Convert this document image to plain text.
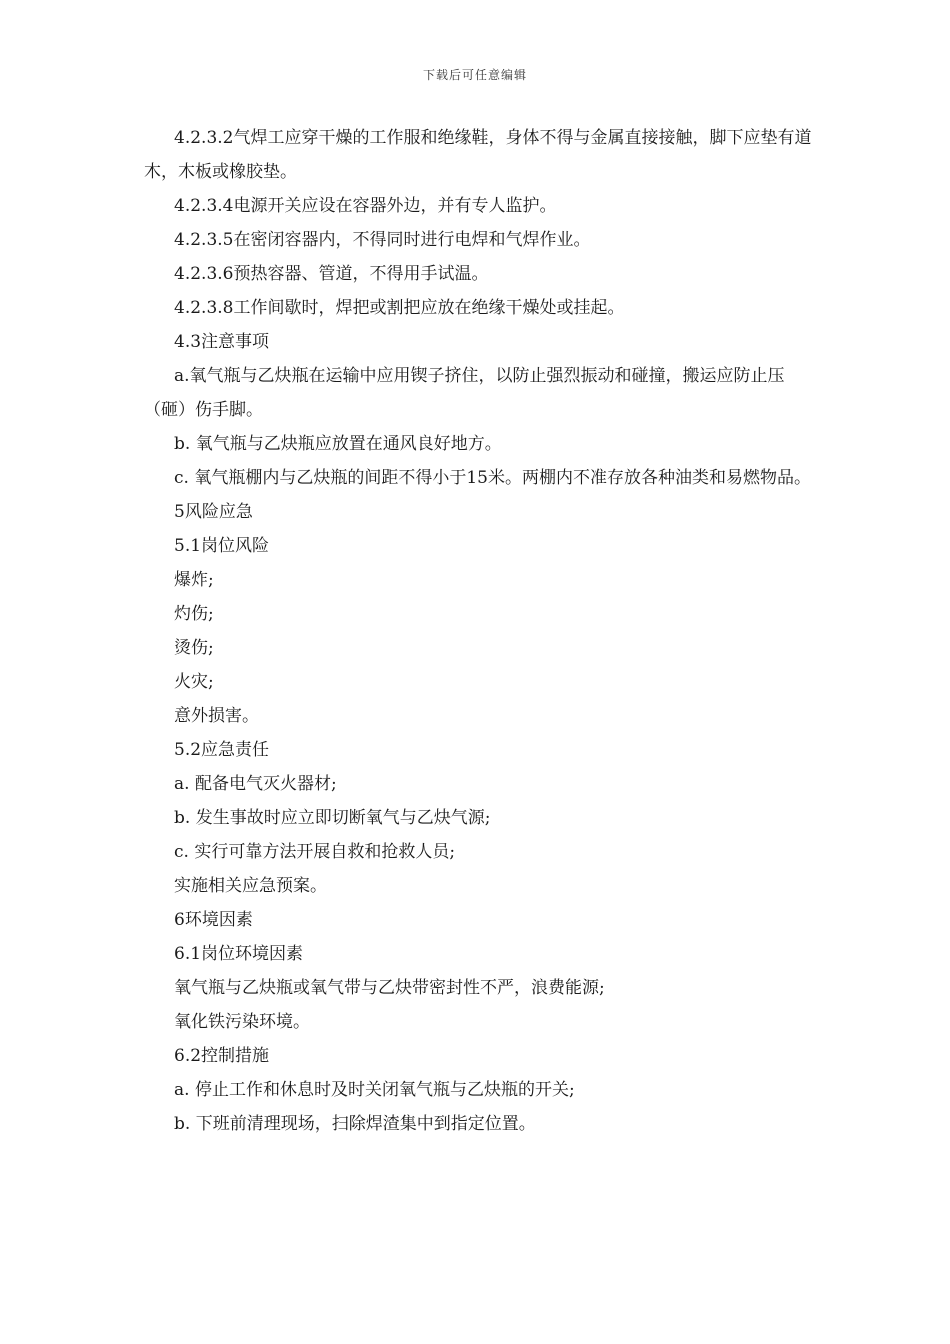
下载后可任意编辑

4.2.3.2气焊工应穿干燥的工作服和绝缘鞋，身体不得与金属直接接触，脚下应垫有道木，木板或橡胶垫。

4.2.3.4电源开关应设在容器外边，并有专人监护。

4.2.3.5在密闭容器内，不得同时进行电焊和气焊作业。

4.2.3.6预热容器、管道，不得用手试温。

4.2.3.8工作间歇时，焊把或割把应放在绝缘干燥处或挂起。

4.3注意事项

a.氧气瓶与乙炔瓶在运输中应用锲子挤住，以防止强烈振动和碰撞，搬运应防止压（砸）伤手脚。

b. 氧气瓶与乙炔瓶应放置在通风良好地方。

c. 氧气瓶棚内与乙炔瓶的间距不得小于15米。两棚内不准存放各种油类和易燃物品。

5风险应急

5.1岗位风险

爆炸;

灼伤;

烫伤;

火灾;

意外损害。

5.2应急责任

a. 配备电气灭火器材;

b. 发生事故时应立即切断氧气与乙炔气源;

c. 实行可靠方法开展自救和抢救人员;

实施相关应急预案。

6环境因素

6.1岗位环境因素

氧气瓶与乙炔瓶或氧气带与乙炔带密封性不严，浪费能源;

氧化铁污染环境。

6.2控制措施

a. 停止工作和休息时及时关闭氧气瓶与乙炔瓶的开关;

b. 下班前清理现场，扫除焊渣集中到指定位置。
